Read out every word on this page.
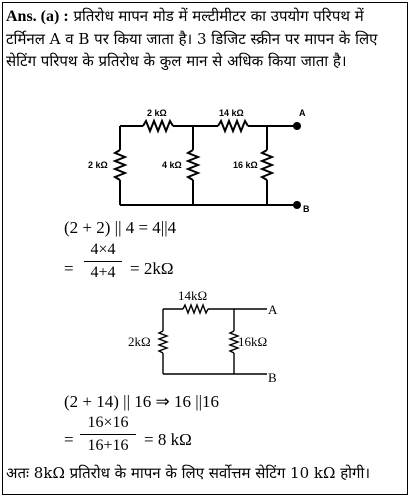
Ans. (a) : प्रतिरोध मापन मोड में मल्टीमीटर का उपयोग परिपथ में टर्मिनल A व B पर किया जाता है। 3 डिजिट स्क्रीन पर मापन के लिए सेटिंग परिपथ के प्रतिरोध के कुल मान से अधिक किया जाता है।
2 kΩ	14 kΩ
2 kΩ	4 kΩ	16 kΩ
A
B
14kΩ
2kΩ	16kΩ
A
B
(2 + 2) || 4 = 4||4
=
4×4
4+4 = 2kΩ
(2 + 14) || 16 ⇒ 16 ||16
=
16×16
16+16 = 8 kΩ
अतः 8kΩ प्रतिरोध के मापन के लिए सर्वोत्तम सेटिंग 10 kΩ होगी।
